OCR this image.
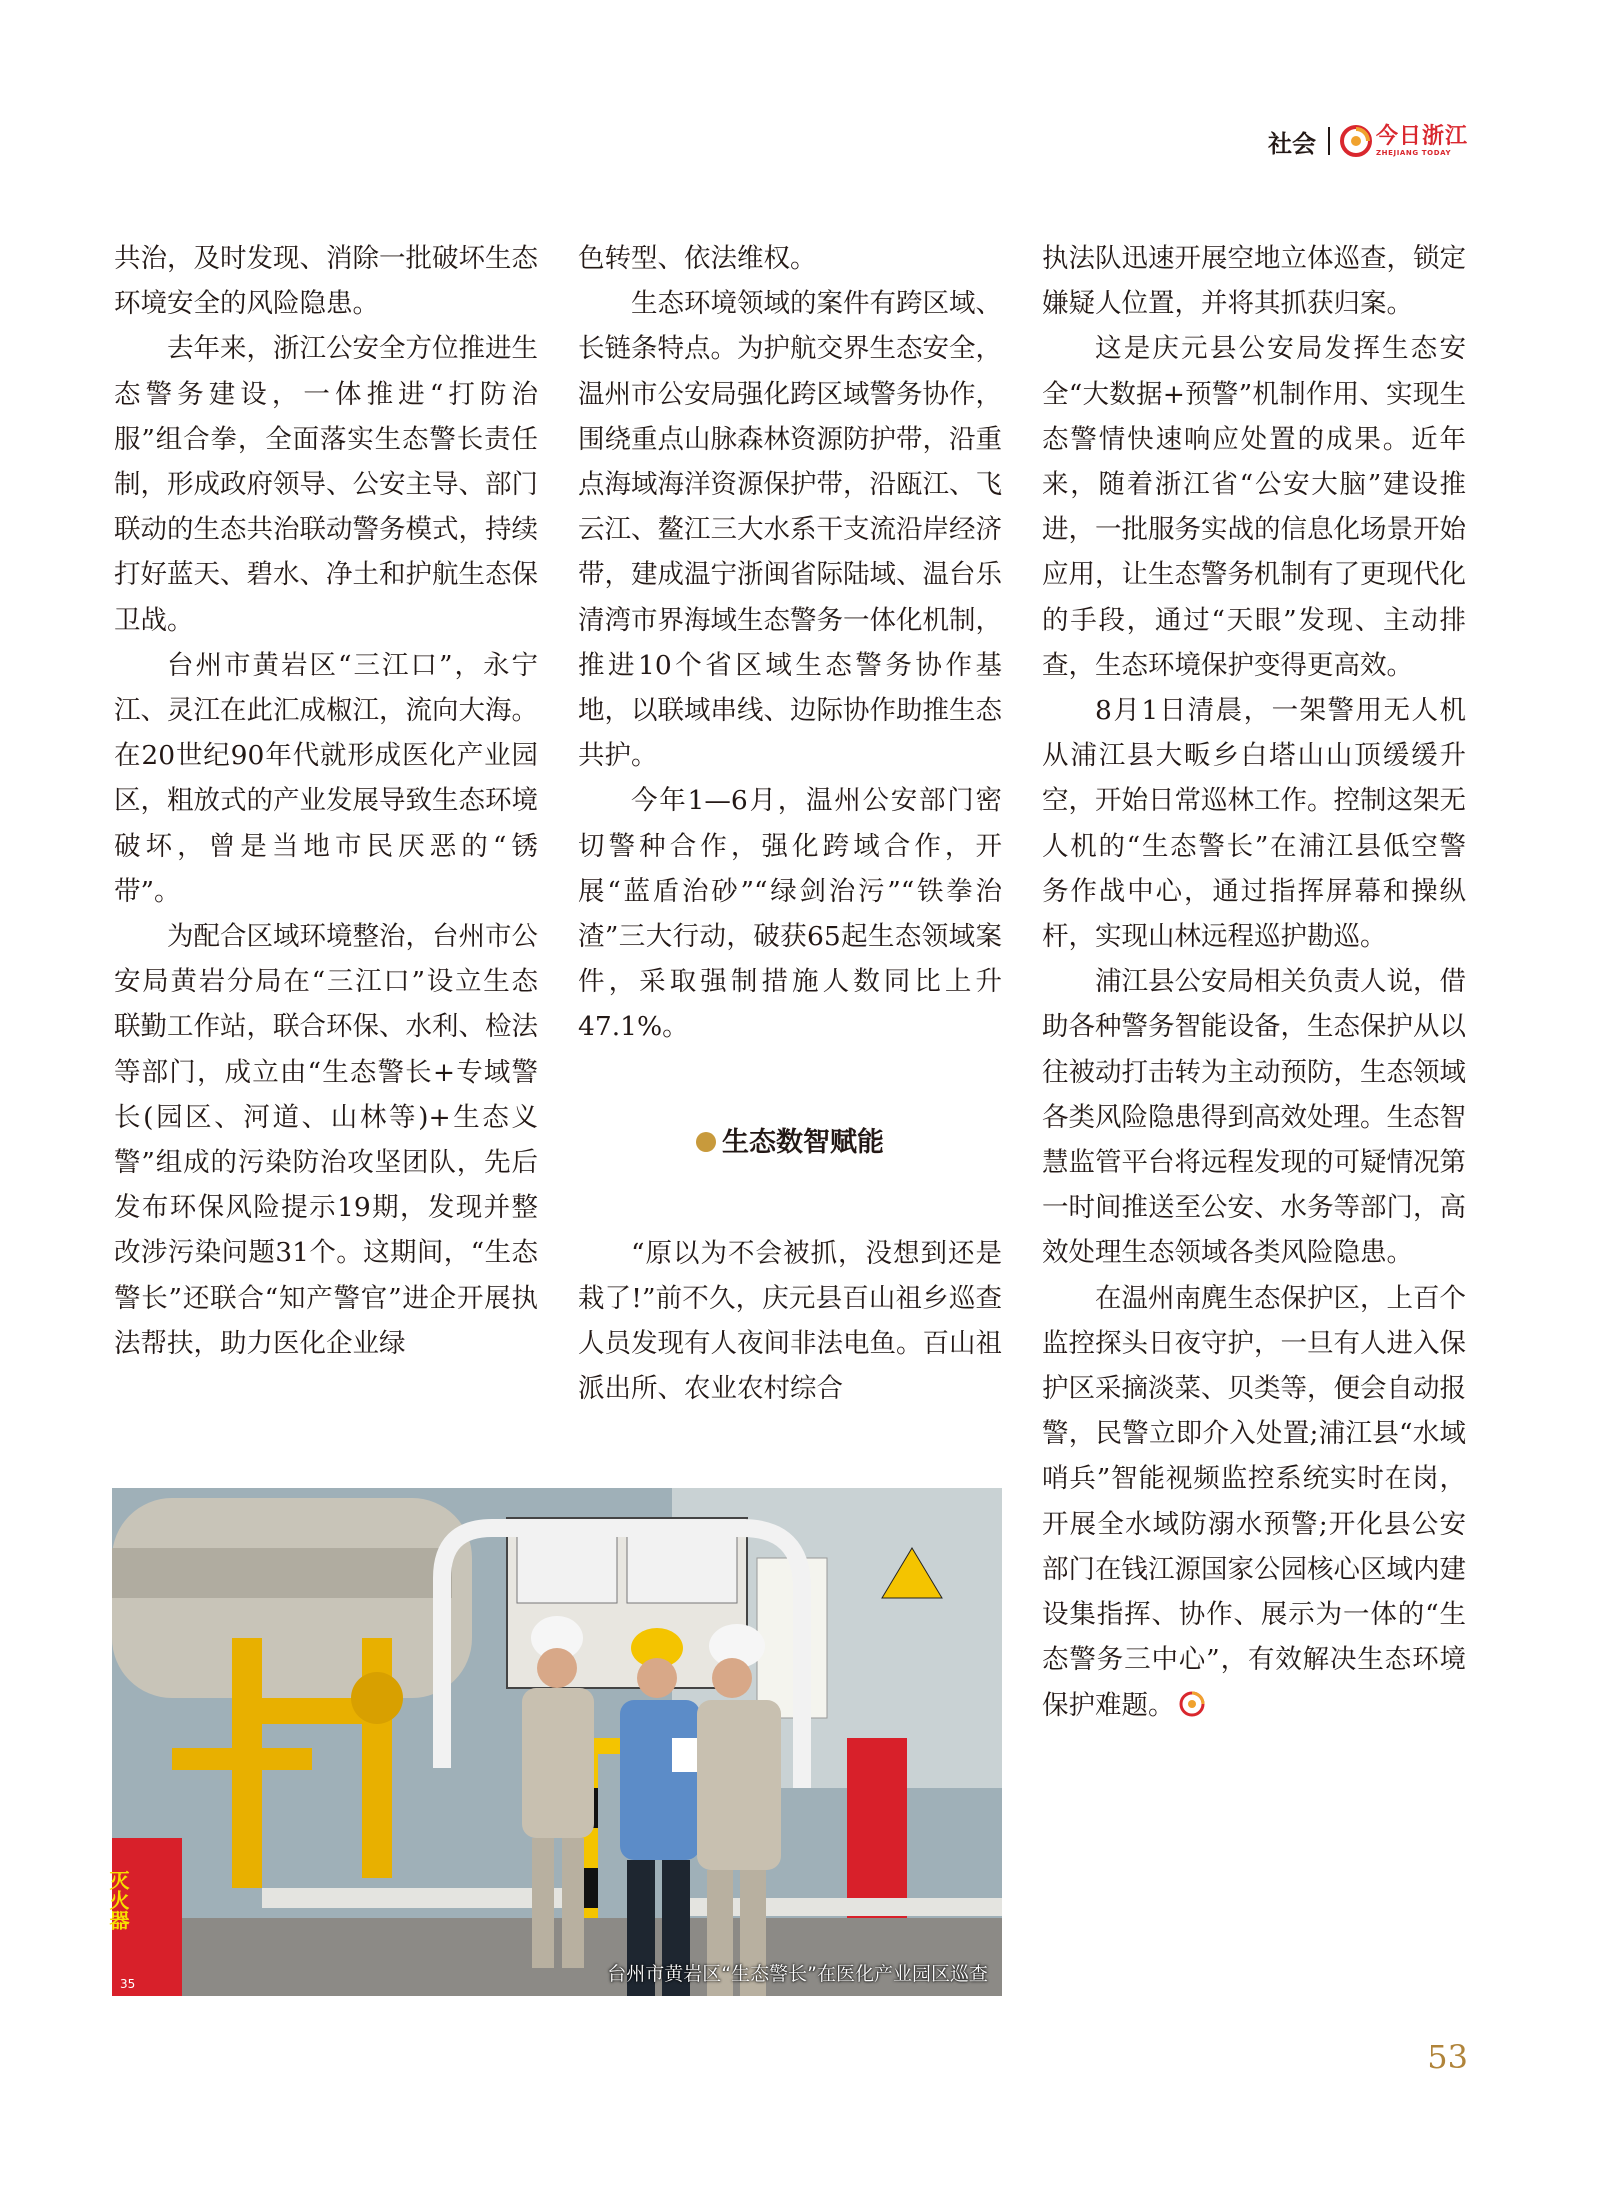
社会	今日浙江
ZHEJIANG TODAY

共治，及时发现、消除一批破坏生态环境安全的风险隐患。

去年来，浙江公安全方位推进生态警务建设，一体推进“打防治服”组合拳，全面落实生态警长责任制，形成政府领导、公安主导、部门联动的生态共治联动警务模式，持续打好蓝天、碧水、净土和护航生态保卫战。

台州市黄岩区“三江口”，永宁江、灵江在此汇成椒江，流向大海。在20世纪90年代就形成医化产业园区，粗放式的产业发展导致生态环境破坏，曾是当地市民厌恶的“锈带”。

为配合区域环境整治，台州市公安局黄岩分局在“三江口”设立生态联勤工作站，联合环保、水利、检法等部门，成立由“生态警长+专域警长(园区、河道、山林等)+生态义警”组成的污染防治攻坚团队，先后发布环保风险提示19期，发现并整改涉污染问题31个。这期间，“生态警长”还联合“知产警官”进企开展执法帮扶，助力医化企业绿

色转型、依法维权。

生态环境领域的案件有跨区域、长链条特点。为护航交界生态安全，温州市公安局强化跨区域警务协作，围绕重点山脉森林资源防护带，沿重点海域海洋资源保护带，沿瓯江、飞云江、鳌江三大水系干支流沿岸经济带，建成温宁浙闽省际陆域、温台乐清湾市界海域生态警务一体化机制，推进10个省区域生态警务协作基地，以联域串线、边际协作助推生态共护。

今年1—6月，温州公安部门密切警种合作，强化跨域合作，开展“蓝盾治砂”“绿剑治污”“铁拳治渣”三大行动，破获65起生态领域案件，采取强制措施人数同比上升47.1%。

生态数智赋能

“原以为不会被抓，没想到还是栽了!”前不久，庆元县百山祖乡巡查人员发现有人夜间非法电鱼。百山祖派出所、农业农村综合

执法队迅速开展空地立体巡查，锁定嫌疑人位置，并将其抓获归案。

这是庆元县公安局发挥生态安全“大数据+预警”机制作用、实现生态警情快速响应处置的成果。近年来，随着浙江省“公安大脑”建设推进，一批服务实战的信息化场景开始应用，让生态警务机制有了更现代化的手段，通过“天眼”发现、主动排查，生态环境保护变得更高效。

8月1日清晨，一架警用无人机从浦江县大畈乡白塔山山顶缓缓升空，开始日常巡林工作。控制这架无人机的“生态警长”在浦江县低空警务作战中心，通过指挥屏幕和操纵杆，实现山林远程巡护勘巡。

浦江县公安局相关负责人说，借助各种警务智能设备，生态保护从以往被动打击转为主动预防，生态领域各类风险隐患得到高效处理。生态智慧监管平台将远程发现的可疑情况第一时间推送至公安、水务等部门，高效处理生态领域各类风险隐患。

在温州南麂生态保护区，上百个监控探头日夜守护，一旦有人进入保护区采摘淡菜、贝类等，便会自动报警，民警立即介入处置;浦江县“水域哨兵”智能视频监控系统实时在岗，开展全水域防溺水预警;开化县公安部门在钱江源国家公园核心区域内建设集指挥、协作、展示为一体的“生态警务三中心”，有效解决生态环境保护难题。

灭火器
35	台州市黄岩区“生态警长”在医化产业园区巡查
53
